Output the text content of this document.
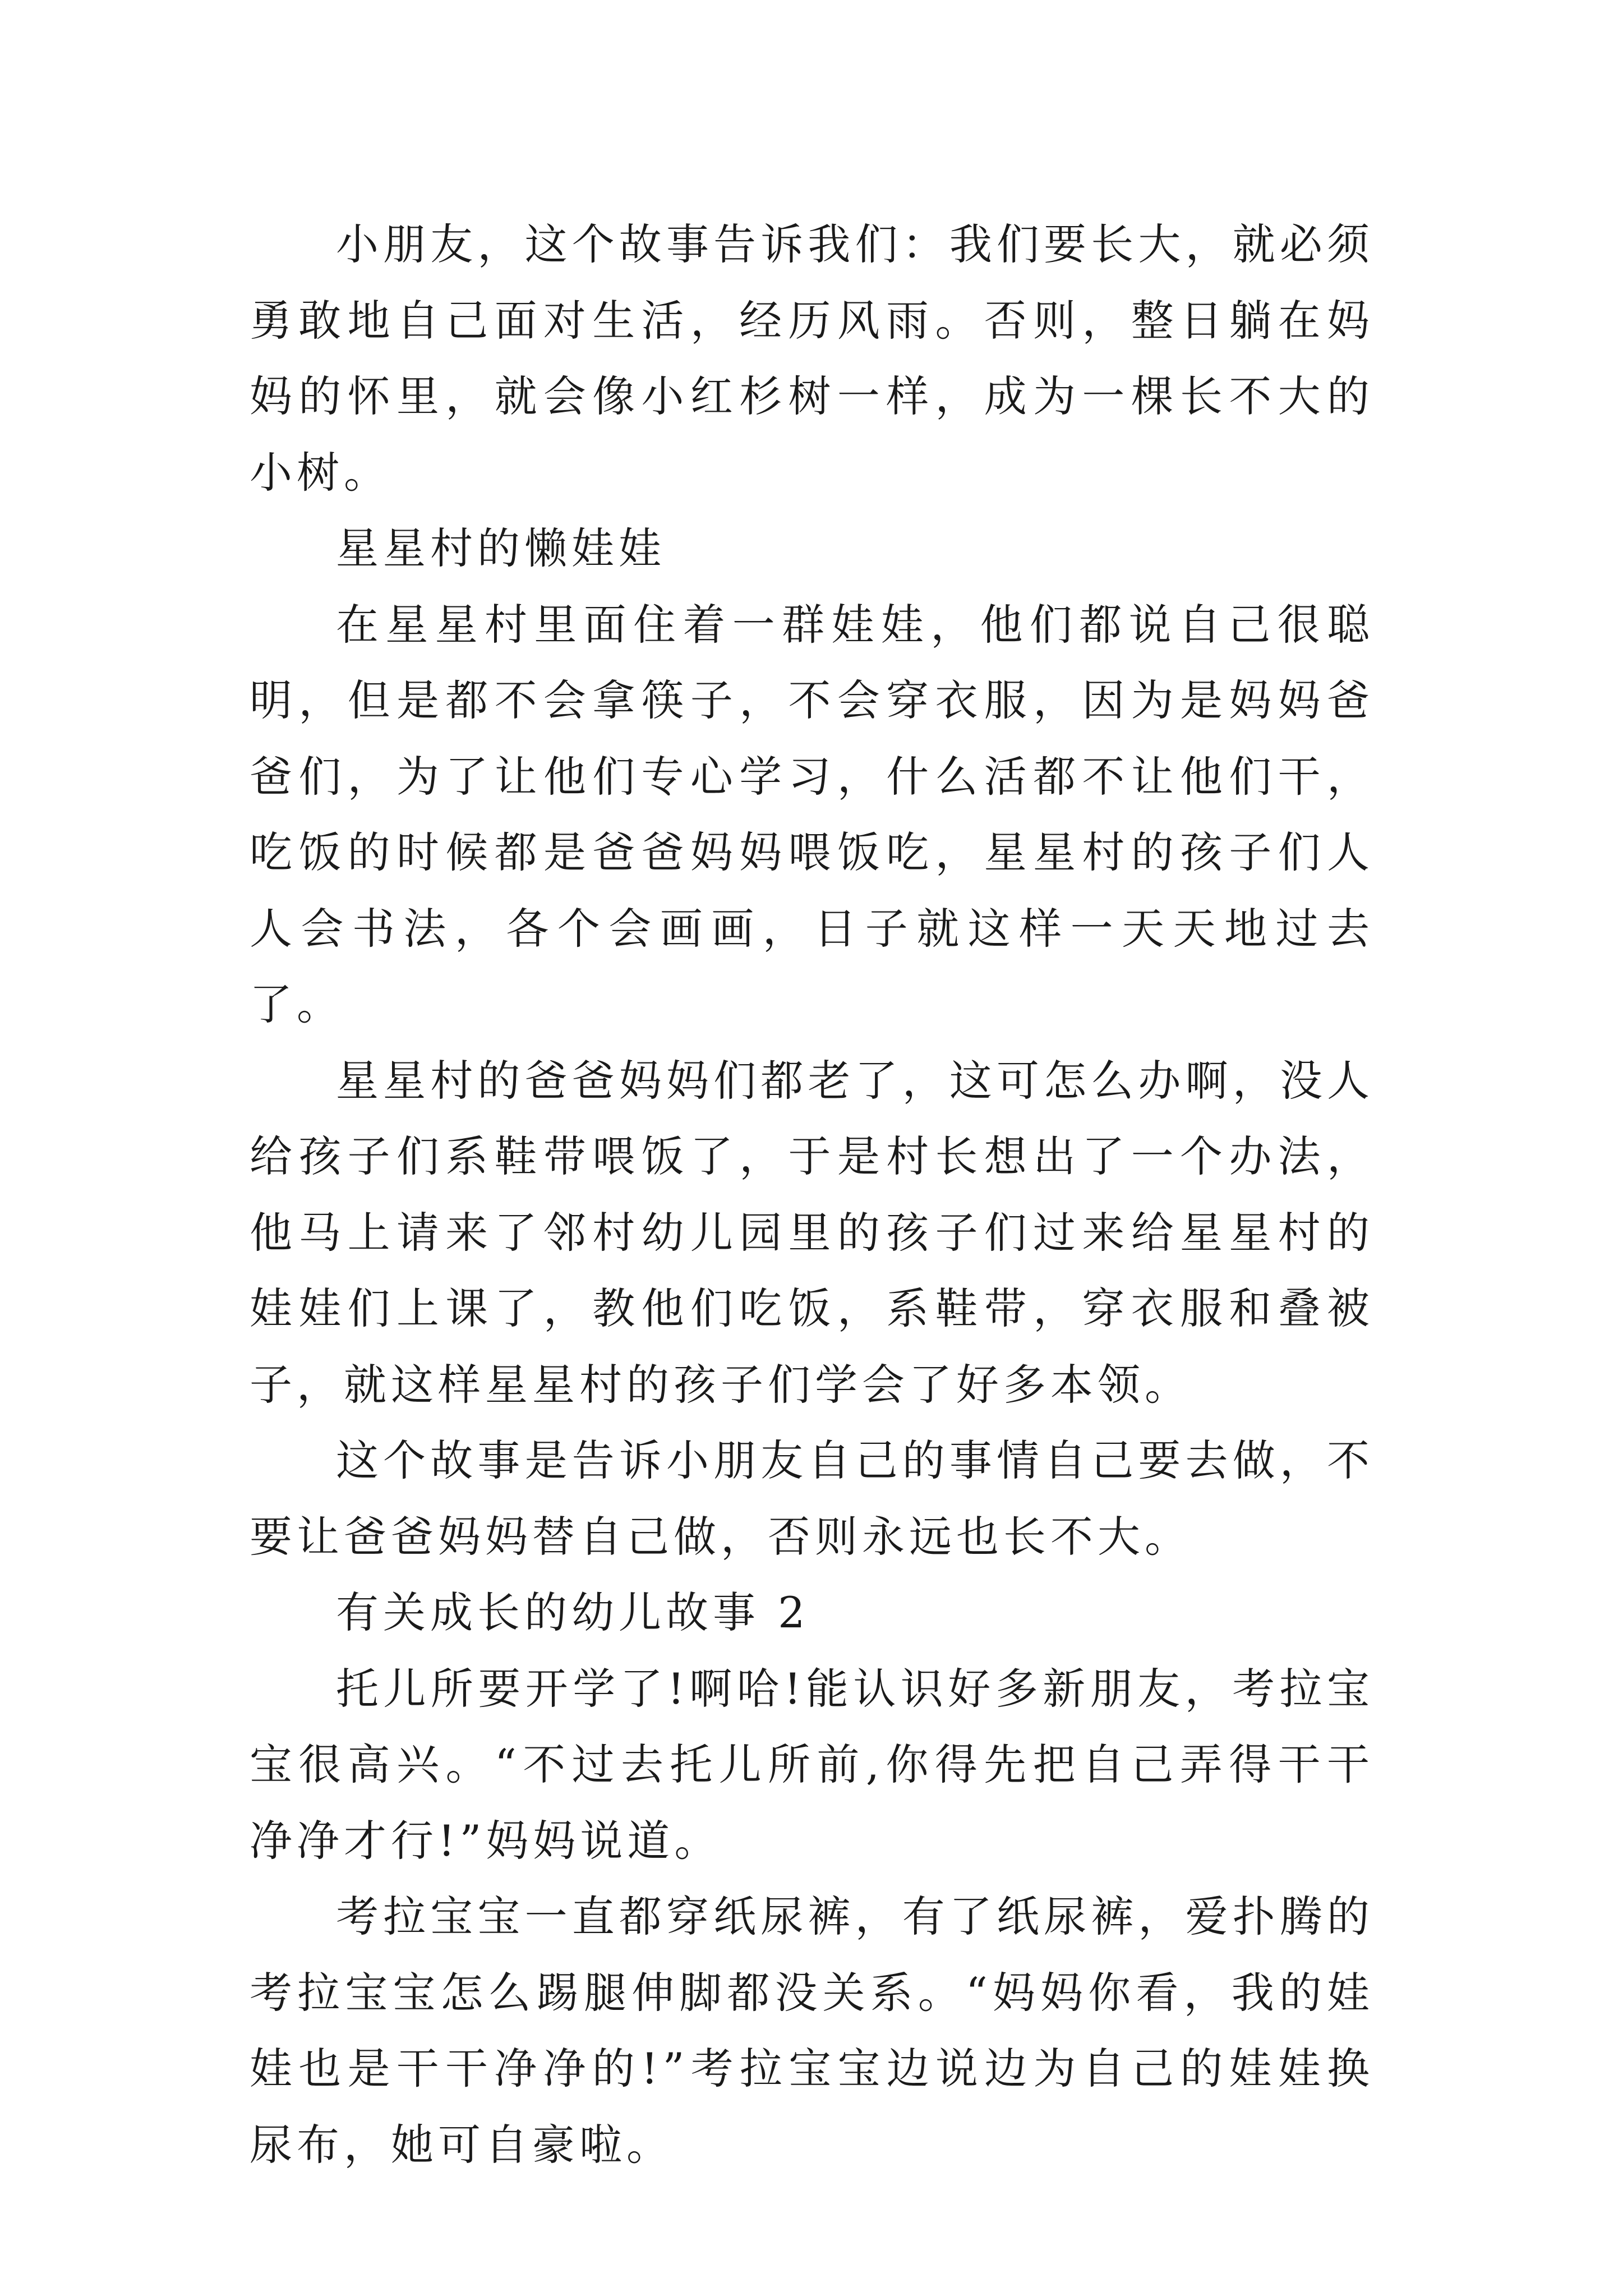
小朋友，这个故事告诉我们：我们要长大，就必须勇敢地自己面对生活，经历风雨。否则，整日躺在妈妈的怀里，就会像小红杉树一样，成为一棵长不大的小树。

星星村的懒娃娃

在星星村里面住着一群娃娃，他们都说自己很聪明，但是都不会拿筷子，不会穿衣服，因为是妈妈爸爸们，为了让他们专心学习，什么活都不让他们干，吃饭的时候都是爸爸妈妈喂饭吃，星星村的孩子们人人会书法，各个会画画，日子就这样一天天地过去了。

星星村的爸爸妈妈们都老了，这可怎么办啊，没人给孩子们系鞋带喂饭了，于是村长想出了一个办法，他马上请来了邻村幼儿园里的孩子们过来给星星村的娃娃们上课了，教他们吃饭，系鞋带，穿衣服和叠被子，就这样星星村的孩子们学会了好多本领。

这个故事是告诉小朋友自己的事情自己要去做，不要让爸爸妈妈替自己做，否则永远也长不大。

有关成长的幼儿故事 2

托儿所要开学了!啊哈!能认识好多新朋友，考拉宝宝很高兴。“不过去托儿所前,你得先把自己弄得干干净净才行!”妈妈说道。

考拉宝宝一直都穿纸尿裤，有了纸尿裤，爱扑腾的考拉宝宝怎么踢腿伸脚都没关系。“妈妈你看，我的娃娃也是干干净净的!”考拉宝宝边说边为自己的娃娃换尿布，她可自豪啦。
